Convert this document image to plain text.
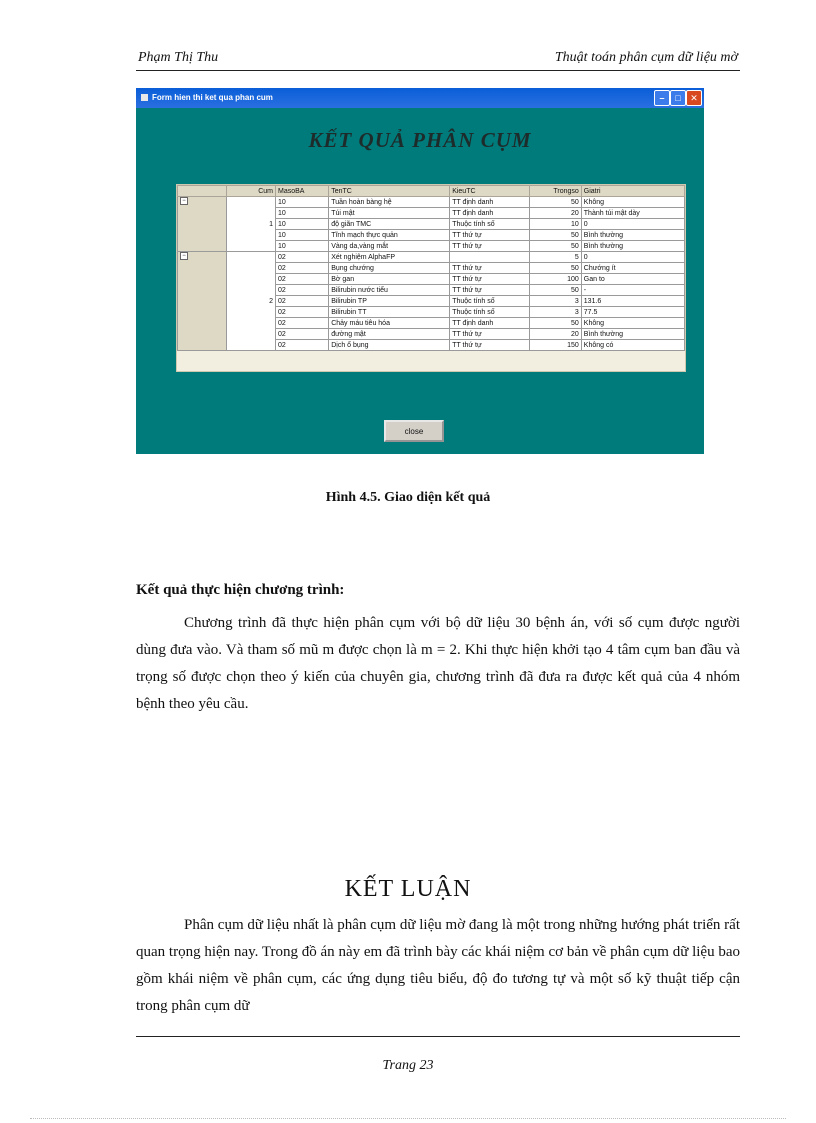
Phạm Thị Thu	Thuật toán phân cụm dữ liệu mờ
Form hien thi ket qua phan cum	–	□	✕
KẾT QUẢ PHÂN CỤM
	Cum	MasoBA	TenTC	KieuTC	Trongso	Giatri
−	1	10	Tuần hoàn bàng hệ	TT định danh	50	Không
		10	Túi mật	TT định danh	20	Thành túi mật dày
		10	độ giãn TMC	Thuộc tính số	10	0
		10	Tĩnh mạch thực quản	TT thứ tự	50	Bình thường
		10	Vàng da,vàng mắt	TT thứ tự	50	Bình thường
−	2	02	Xét nghiệm AlphaFP		5	0
		02	Bụng chướng	TT thứ tự	50	Chướng ít
		02	Bờ gan	TT thứ tự	100	Gan to
		02	Bilirubin nước tiểu	TT thứ tự	50	-
		02	Bilirubin TP	Thuộc tính số	3	131.6
		02	Bilirubin TT	Thuộc tính số	3	77.5
		02	Chảy máu tiêu hóa	TT định danh	50	Không
		02	đường mật	TT thứ tự	20	Bình thường
		02	Dịch ổ bụng	TT thứ tự	150	Không có
close
Hình 4.5. Giao diện kết quả
Kết quả thực hiện chương trình:
Chương trình đã thực hiện phân cụm với bộ dữ liệu 30 bệnh án, với số cụm được người dùng đưa vào. Và tham số mũ m được chọn là m = 2. Khi thực hiện khởi tạo 4 tâm cụm ban đầu và trọng số được chọn theo ý kiến của chuyên gia, chương trình đã đưa ra được kết quả của 4 nhóm bệnh theo yêu cầu.
KẾT LUẬN
Phân cụm dữ liệu nhất là phân cụm dữ liệu mờ đang là một trong những hướng phát triển rất quan trọng hiện nay. Trong đồ án này em đã trình bày các khái niệm cơ bản về phân cụm dữ liệu bao gồm khái niệm về phân cụm, các ứng dụng tiêu biểu, độ đo tương tự và một số kỹ thuật tiếp cận trong phân cụm dữ
Trang 23
